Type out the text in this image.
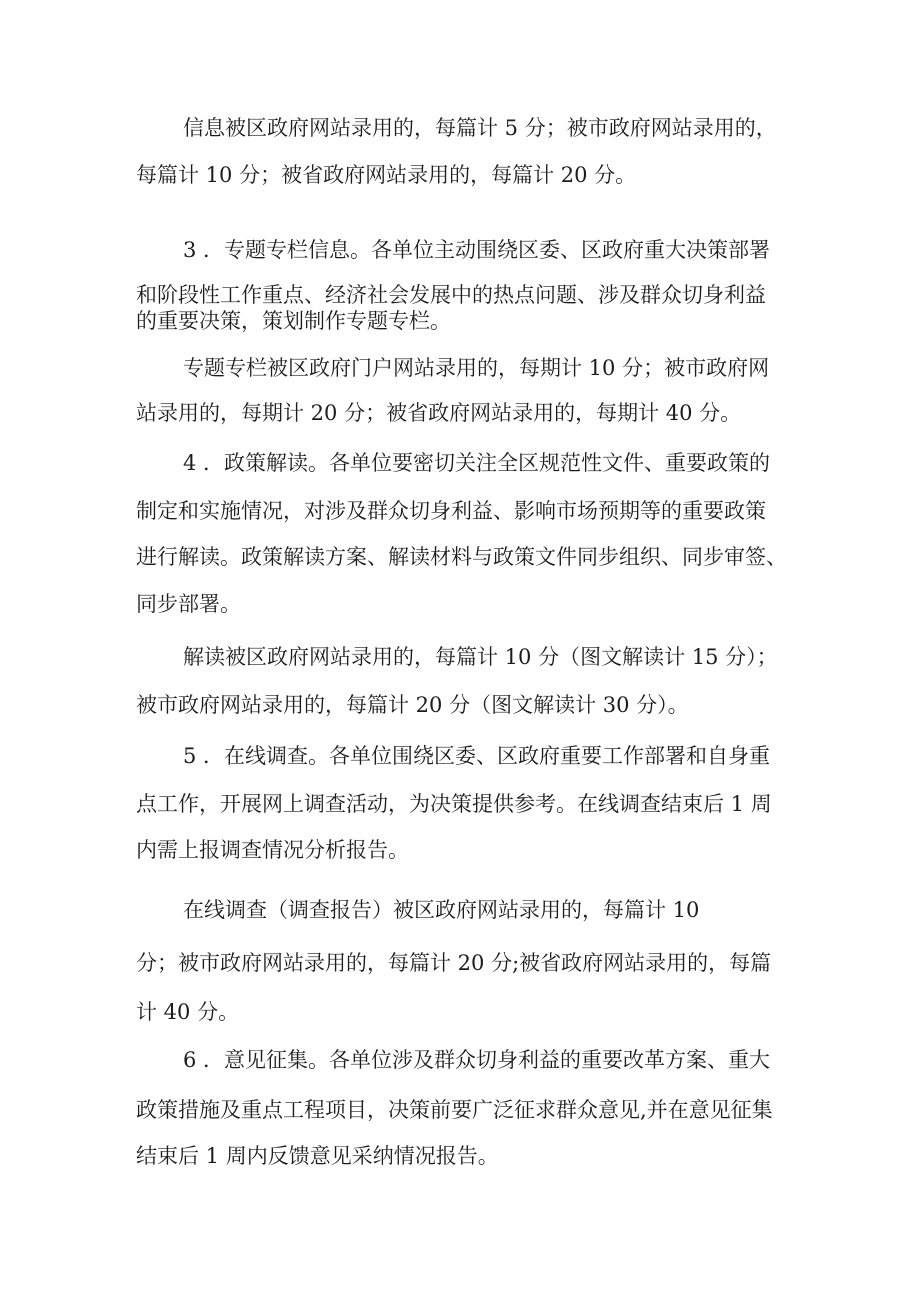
信息被区政府网站录用的，每篇计 5 分；被市政府网站录用的，
每篇计 10 分；被省政府网站录用的，每篇计 20 分。
3 ．专题专栏信息。各单位主动围绕区委、区政府重大决策部署
和阶段性工作重点、经济社会发展中的热点问题、涉及群众切身利益
的重要决策，策划制作专题专栏。
专题专栏被区政府门户网站录用的，每期计 10 分；被市政府网
站录用的，每期计 20 分；被省政府网站录用的，每期计 40 分。
4 ．政策解读。各单位要密切关注全区规范性文件、重要政策的
制定和实施情况，对涉及群众切身利益、影响市场预期等的重要政策
进行解读。政策解读方案、解读材料与政策文件同步组织、同步审签、
同步部署。
解读被区政府网站录用的，每篇计 10 分（图文解读计 15 分）；
被市政府网站录用的，每篇计 20 分（图文解读计 30 分）。
5 ．在线调查。各单位围绕区委、区政府重要工作部署和自身重
点工作，开展网上调查活动，为决策提供参考。在线调查结束后 1 周
内需上报调查情况分析报告。
在线调查（调查报告）被区政府网站录用的，每篇计 10
分；被市政府网站录用的，每篇计 20 分;被省政府网站录用的，每篇
计 40 分。
6 ．意见征集。各单位涉及群众切身利益的重要改革方案、重大
政策措施及重点工程项目，决策前要广泛征求群众意见,并在意见征集
结束后 1 周内反馈意见采纳情况报告。
